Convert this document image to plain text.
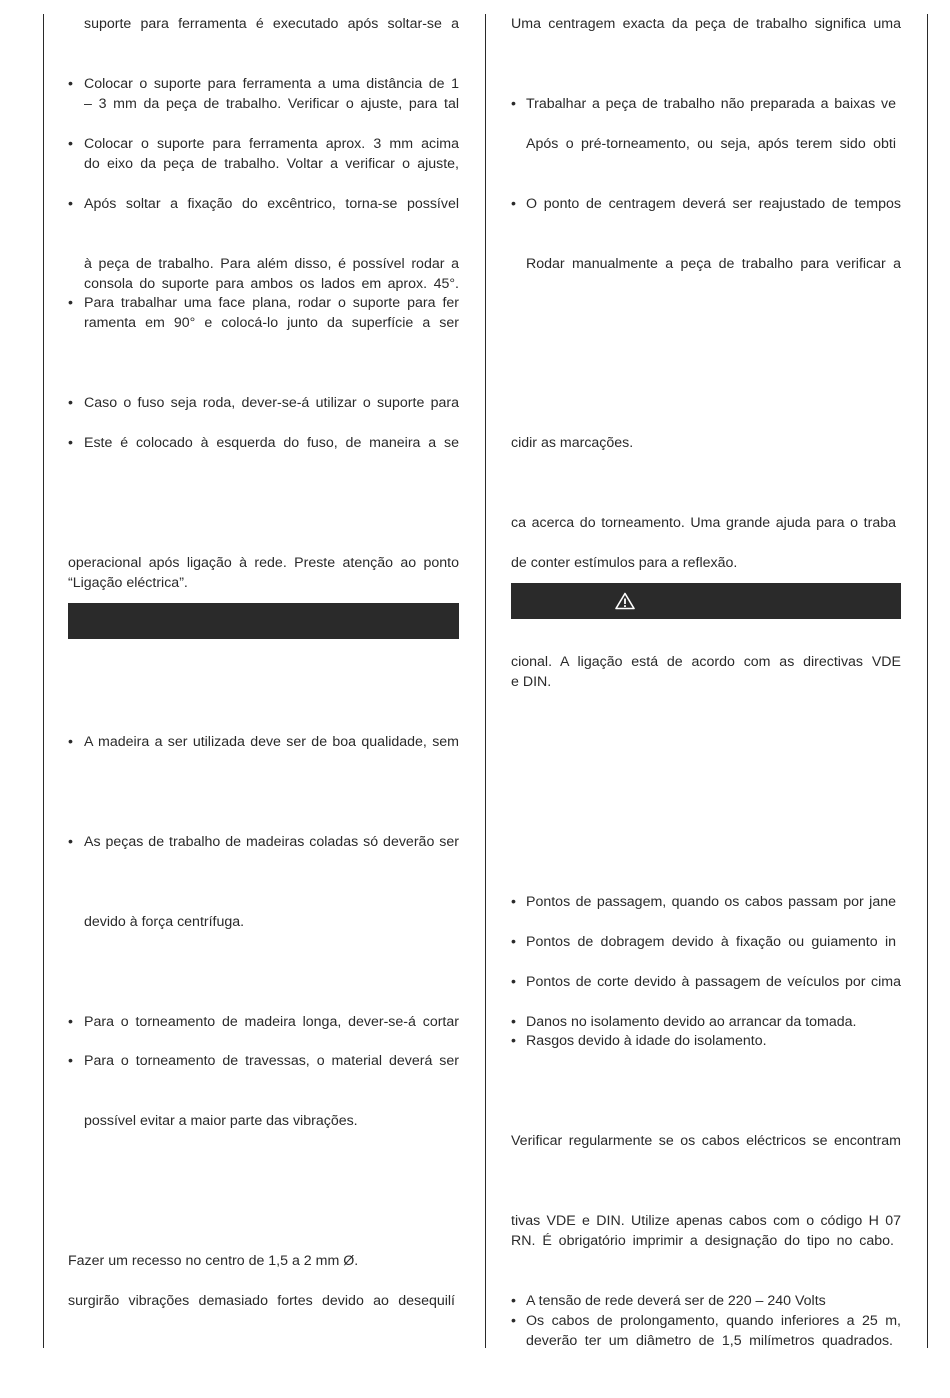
suporte para ferramenta é executado após soltar-se a
• Colocar o suporte para ferramenta a uma distância de 1
– 3 mm da peça de trabalho. Verificar o ajuste, para tal
• Colocar o suporte para ferramenta aprox. 3 mm acima
do eixo da peça de trabalho. Voltar a verificar o ajuste,
• Após soltar a fixação do excêntrico, torna-se possível
à peça de trabalho. Para além disso, é possível rodar a
consola do suporte para ambos os lados em aprox. 45°.
• Para trabalhar uma face plana, rodar o suporte para fer
ramenta em 90° e colocá-lo junto da superfície a ser
• Caso o fuso seja roda, dever-se-á utilizar o suporte para
• Este é colocado à esquerda do fuso, de maneira a se
operacional após ligação à rede. Preste atenção ao ponto
“Ligação eléctrica”.
• A madeira a ser utilizada deve ser de boa qualidade, sem
• As peças de trabalho de madeiras coladas só deverão ser
devido à força centrífuga.
• Para o torneamento de madeira longa, dever-se-á cortar
• Para o torneamento de travessas, o material deverá ser
possível evitar a maior parte das vibrações.
Fazer um recesso no centro de 1,5 a 2 mm Ø.
surgirão vibrações demasiado fortes devido ao desequilí
Uma centragem exacta da peça de trabalho significa uma
• Trabalhar a peça de trabalho não preparada a baixas ve
Após o pré-torneamento, ou seja, após terem sido obti
• O ponto de centragem deverá ser reajustado de tempos
Rodar manualmente a peça de trabalho para verificar a
cidir as marcações.
ca acerca do torneamento. Uma grande ajuda para o traba
de conter estímulos para a reflexão.
cional. A ligação está de acordo com as directivas VDE
e DIN.
• Pontos de passagem, quando os cabos passam por jane
• Pontos de dobragem devido à fixação ou guiamento in
• Pontos de corte devido à passagem de veículos por cima
• Danos no isolamento devido ao arrancar da tomada.
• Rasgos devido à idade do isolamento.
Verificar regularmente se os cabos eléctricos se encontram
tivas VDE e DIN. Utilize apenas cabos com o código H 07
RN. É obrigatório imprimir a designação do tipo no cabo.
• A tensão de rede deverá ser de 220 – 240 Volts
• Os cabos de prolongamento, quando inferiores a 25 m,
deverão ter um diâmetro de 1,5 milímetros quadrados.
